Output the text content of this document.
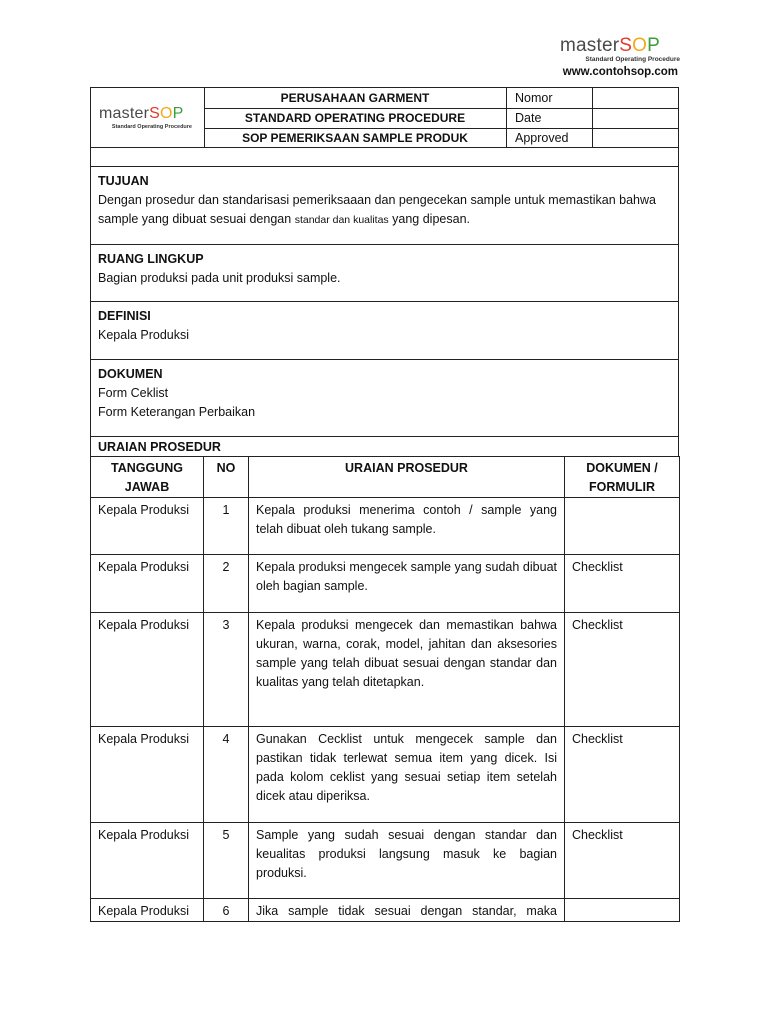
masterSOP
Standard Operating Procedure
www.contohsop.com
masterSOP
Standard Operating Procedure
PERUSAHAAN GARMENT	Nomor
STANDARD OPERATING PROCEDURE	Date
SOP PEMERIKSAAN SAMPLE PRODUK	Approved
TUJUAN
Dengan prosedur dan standarisasi pemeriksaaan dan pengecekan sample untuk memastikan bahwa sample yang dibuat sesuai dengan standar dan kualitas yang dipesan.
RUANG LINGKUP
Bagian produksi pada unit produksi sample.
DEFINISI
Kepala Produksi
DOKUMEN
Form Ceklist
Form Keterangan Perbaikan
URAIAN PROSEDUR
TANGGUNG JAWAB	NO	URAIAN PROSEDUR	DOKUMEN / FORMULIR
Kepala Produksi	1	Kepala produksi menerima contoh / sample yang telah dibuat oleh tukang sample.	
Kepala Produksi	2	Kepala produksi mengecek sample yang sudah dibuat oleh bagian sample.	Checklist
Kepala Produksi	3	Kepala produksi mengecek dan memastikan bahwa ukuran, warna, corak, model, jahitan dan aksesories sample yang telah dibuat sesuai dengan standar dan kualitas yang telah ditetapkan.	Checklist
Kepala Produksi	4	Gunakan Cecklist untuk mengecek sample dan pastikan tidak terlewat semua item yang dicek. Isi pada kolom ceklist yang sesuai setiap item setelah dicek atau diperiksa.	Checklist
Kepala Produksi	5	Sample yang sudah sesuai dengan standar dan keualitas produksi langsung masuk ke bagian produksi.	Checklist
Kepala Produksi	6	Jika sample tidak sesuai dengan standar, maka	
